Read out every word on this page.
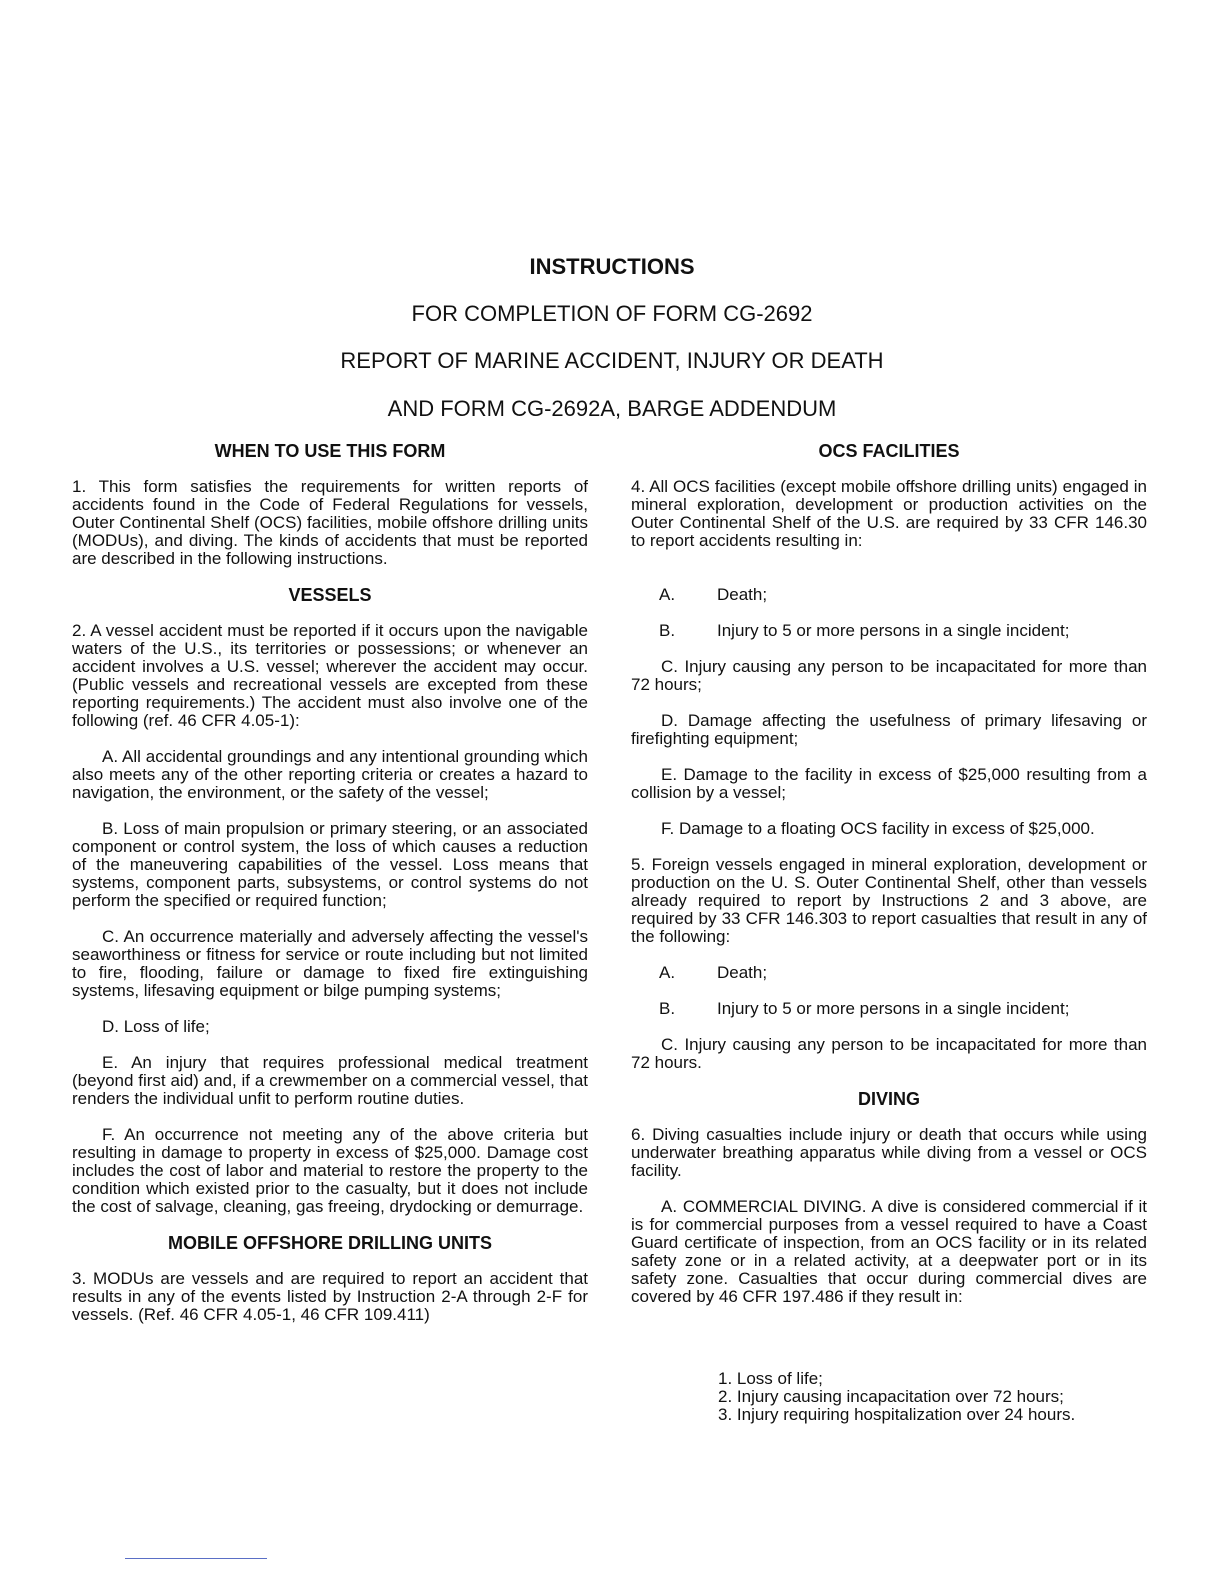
INSTRUCTIONS
FOR COMPLETION OF FORM CG-2692
REPORT OF MARINE ACCIDENT, INJURY OR DEATH
AND FORM CG-2692A, BARGE ADDENDUM

WHEN TO USE THIS FORM

1. This form satisfies the requirements for written reports of accidents found in the Code of Federal Regulations for vessels, Outer Continental Shelf (OCS) facilities, mobile offshore drilling units (MODUs), and diving. The kinds of accidents that must be reported are described in the following instructions.

VESSELS

2. A vessel accident must be reported if it occurs upon the navigable waters of the U.S., its territories or possessions; or whenever an accident involves a U.S. vessel; wherever the accident may occur. (Public vessels and recreational vessels are excepted from these reporting requirements.) The accident must also involve one of the following (ref. 46 CFR 4.05-1):

A. All accidental groundings and any intentional grounding which also meets any of the other reporting criteria or creates a hazard to navigation, the environment, or the safety of the vessel;

B. Loss of main propulsion or primary steering, or an associated component or control system, the loss of which causes a reduction of the maneuvering capabilities of the vessel. Loss means that systems, component parts, subsystems, or control systems do not perform the specified or required function;

C. An occurrence materially and adversely affecting the vessel's seaworthiness or fitness for service or route including but not limited to fire, flooding, failure or damage to fixed fire extinguishing systems, lifesaving equipment or bilge pumping systems;

D. Loss of life;

E. An injury that requires professional medical treatment (beyond first aid) and, if a crewmember on a commercial vessel, that renders the individual unfit to perform routine duties.

F. An occurrence not meeting any of the above criteria but resulting in damage to property in excess of $25,000. Damage cost includes the cost of labor and material to restore the property to the condition which existed prior to the casualty, but it does not include the cost of salvage, cleaning, gas freeing, drydocking or demurrage.

MOBILE OFFSHORE DRILLING UNITS

3. MODUs are vessels and are required to report an accident that results in any of the events listed by Instruction 2-A through 2-F for vessels. (Ref. 46 CFR 4.05-1, 46 CFR 109.411)

OCS FACILITIES

4. All OCS facilities (except mobile offshore drilling units) engaged in mineral exploration, development or production activities on the Outer Continental Shelf of the U.S. are required by 33 CFR 146.30 to report accidents resulting in:

A. Death;

B. Injury to 5 or more persons in a single incident;

C. Injury causing any person to be incapacitated for more than 72 hours;

D. Damage affecting the usefulness of primary lifesaving or firefighting equipment;

E. Damage to the facility in excess of $25,000 resulting from a collision by a vessel;

F. Damage to a floating OCS facility in excess of $25,000.

5. Foreign vessels engaged in mineral exploration, development or production on the U. S. Outer Continental Shelf, other than vessels already required to report by Instructions 2 and 3 above, are required by 33 CFR 146.303 to report casualties that result in any of the following:

A. Death;

B. Injury to 5 or more persons in a single incident;

C. Injury causing any person to be incapacitated for more than 72 hours.

DIVING

6. Diving casualties include injury or death that occurs while using underwater breathing apparatus while diving from a vessel or OCS facility.

A. COMMERCIAL DIVING. A dive is considered commercial if it is for commercial purposes from a vessel required to have a Coast Guard certificate of inspection, from an OCS facility or in its related safety zone or in a related activity, at a deepwater port or in its safety zone. Casualties that occur during commercial dives are covered by 46 CFR 197.486 if they result in:

1. Loss of life;
2. Injury causing incapacitation over 72 hours;
3. Injury requiring hospitalization over 24 hours.
